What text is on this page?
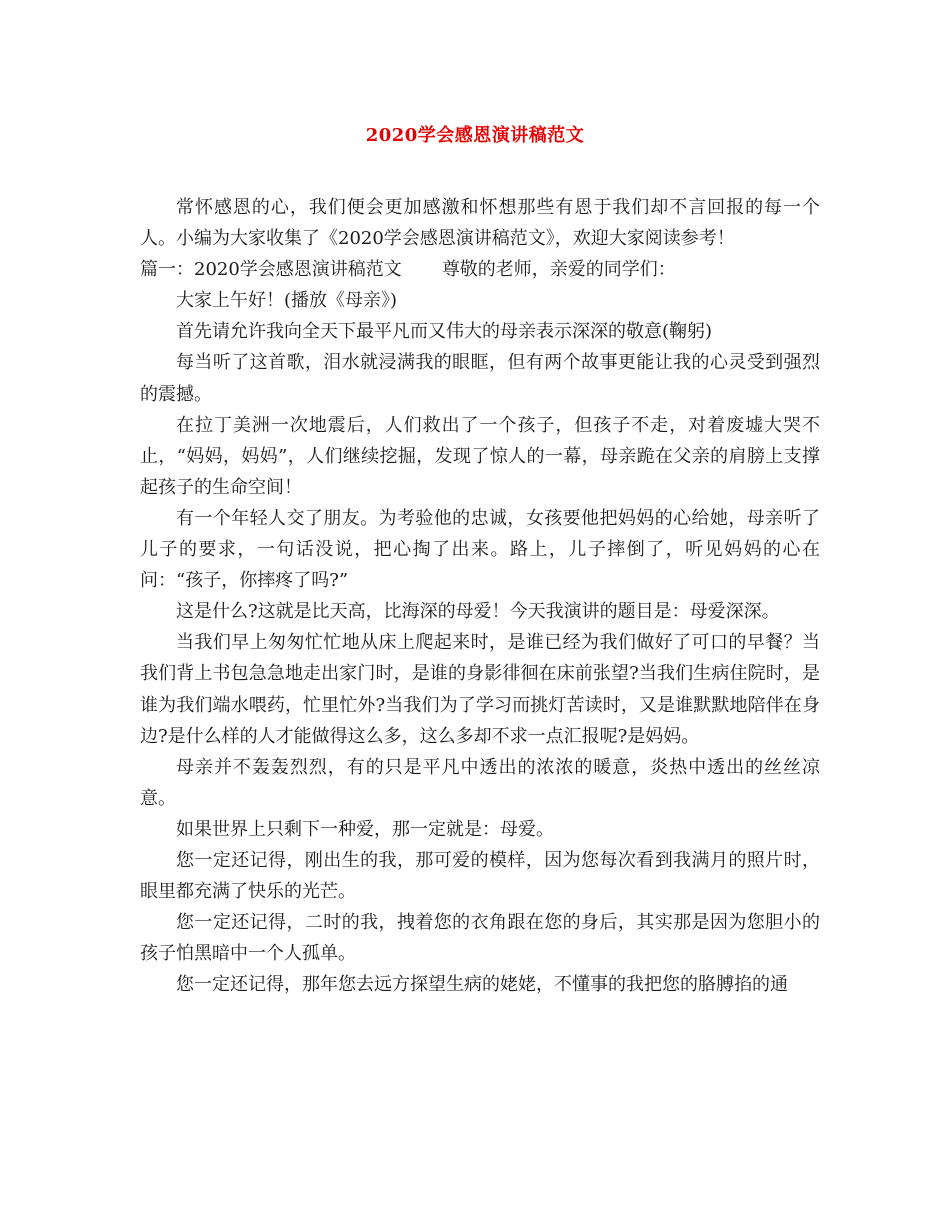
2020学会感恩演讲稿范文

常怀感恩的心，我们便会更加感激和怀想那些有恩于我们却不言回报的每一个人。小编为大家收集了《2020学会感恩演讲稿范文》，欢迎大家阅读参考！

篇一：2020学会感恩演讲稿范文 尊敬的老师，亲爱的同学们：

大家上午好！(播放《母亲》)

首先请允许我向全天下最平凡而又伟大的母亲表示深深的敬意(鞠躬)

每当听了这首歌，泪水就浸满我的眼眶，但有两个故事更能让我的心灵受到强烈的震撼。

在拉丁美洲一次地震后，人们救出了一个孩子，但孩子不走，对着废墟大哭不止，“妈妈，妈妈”，人们继续挖掘，发现了惊人的一幕，母亲跪在父亲的肩膀上支撑起孩子的生命空间！

有一个年轻人交了朋友。为考验他的忠诚，女孩要他把妈妈的心给她，母亲听了儿子的要求，一句话没说，把心掏了出来。路上，儿子摔倒了，听见妈妈的心在问：“孩子，你摔疼了吗?”

这是什么?这就是比天高，比海深的母爱！今天我演讲的题目是：母爱深深。

当我们早上匆匆忙忙地从床上爬起来时，是谁已经为我们做好了可口的早餐？当我们背上书包急急地走出家门时，是谁的身影徘徊在床前张望?当我们生病住院时，是谁为我们端水喂药，忙里忙外?当我们为了学习而挑灯苦读时，又是谁默默地陪伴在身边?是什么样的人才能做得这么多，这么多却不求一点汇报呢?是妈妈。

母亲并不轰轰烈烈，有的只是平凡中透出的浓浓的暖意，炎热中透出的丝丝凉意。

如果世界上只剩下一种爱，那一定就是：母爱。

您一定还记得，刚出生的我，那可爱的模样，因为您每次看到我满月的照片时，眼里都充满了快乐的光芒。

您一定还记得，二时的我，拽着您的衣角跟在您的身后，其实那是因为您胆小的孩子怕黑暗中一个人孤单。

您一定还记得，那年您去远方探望生病的姥姥，不懂事的我把您的胳膊掐的通
